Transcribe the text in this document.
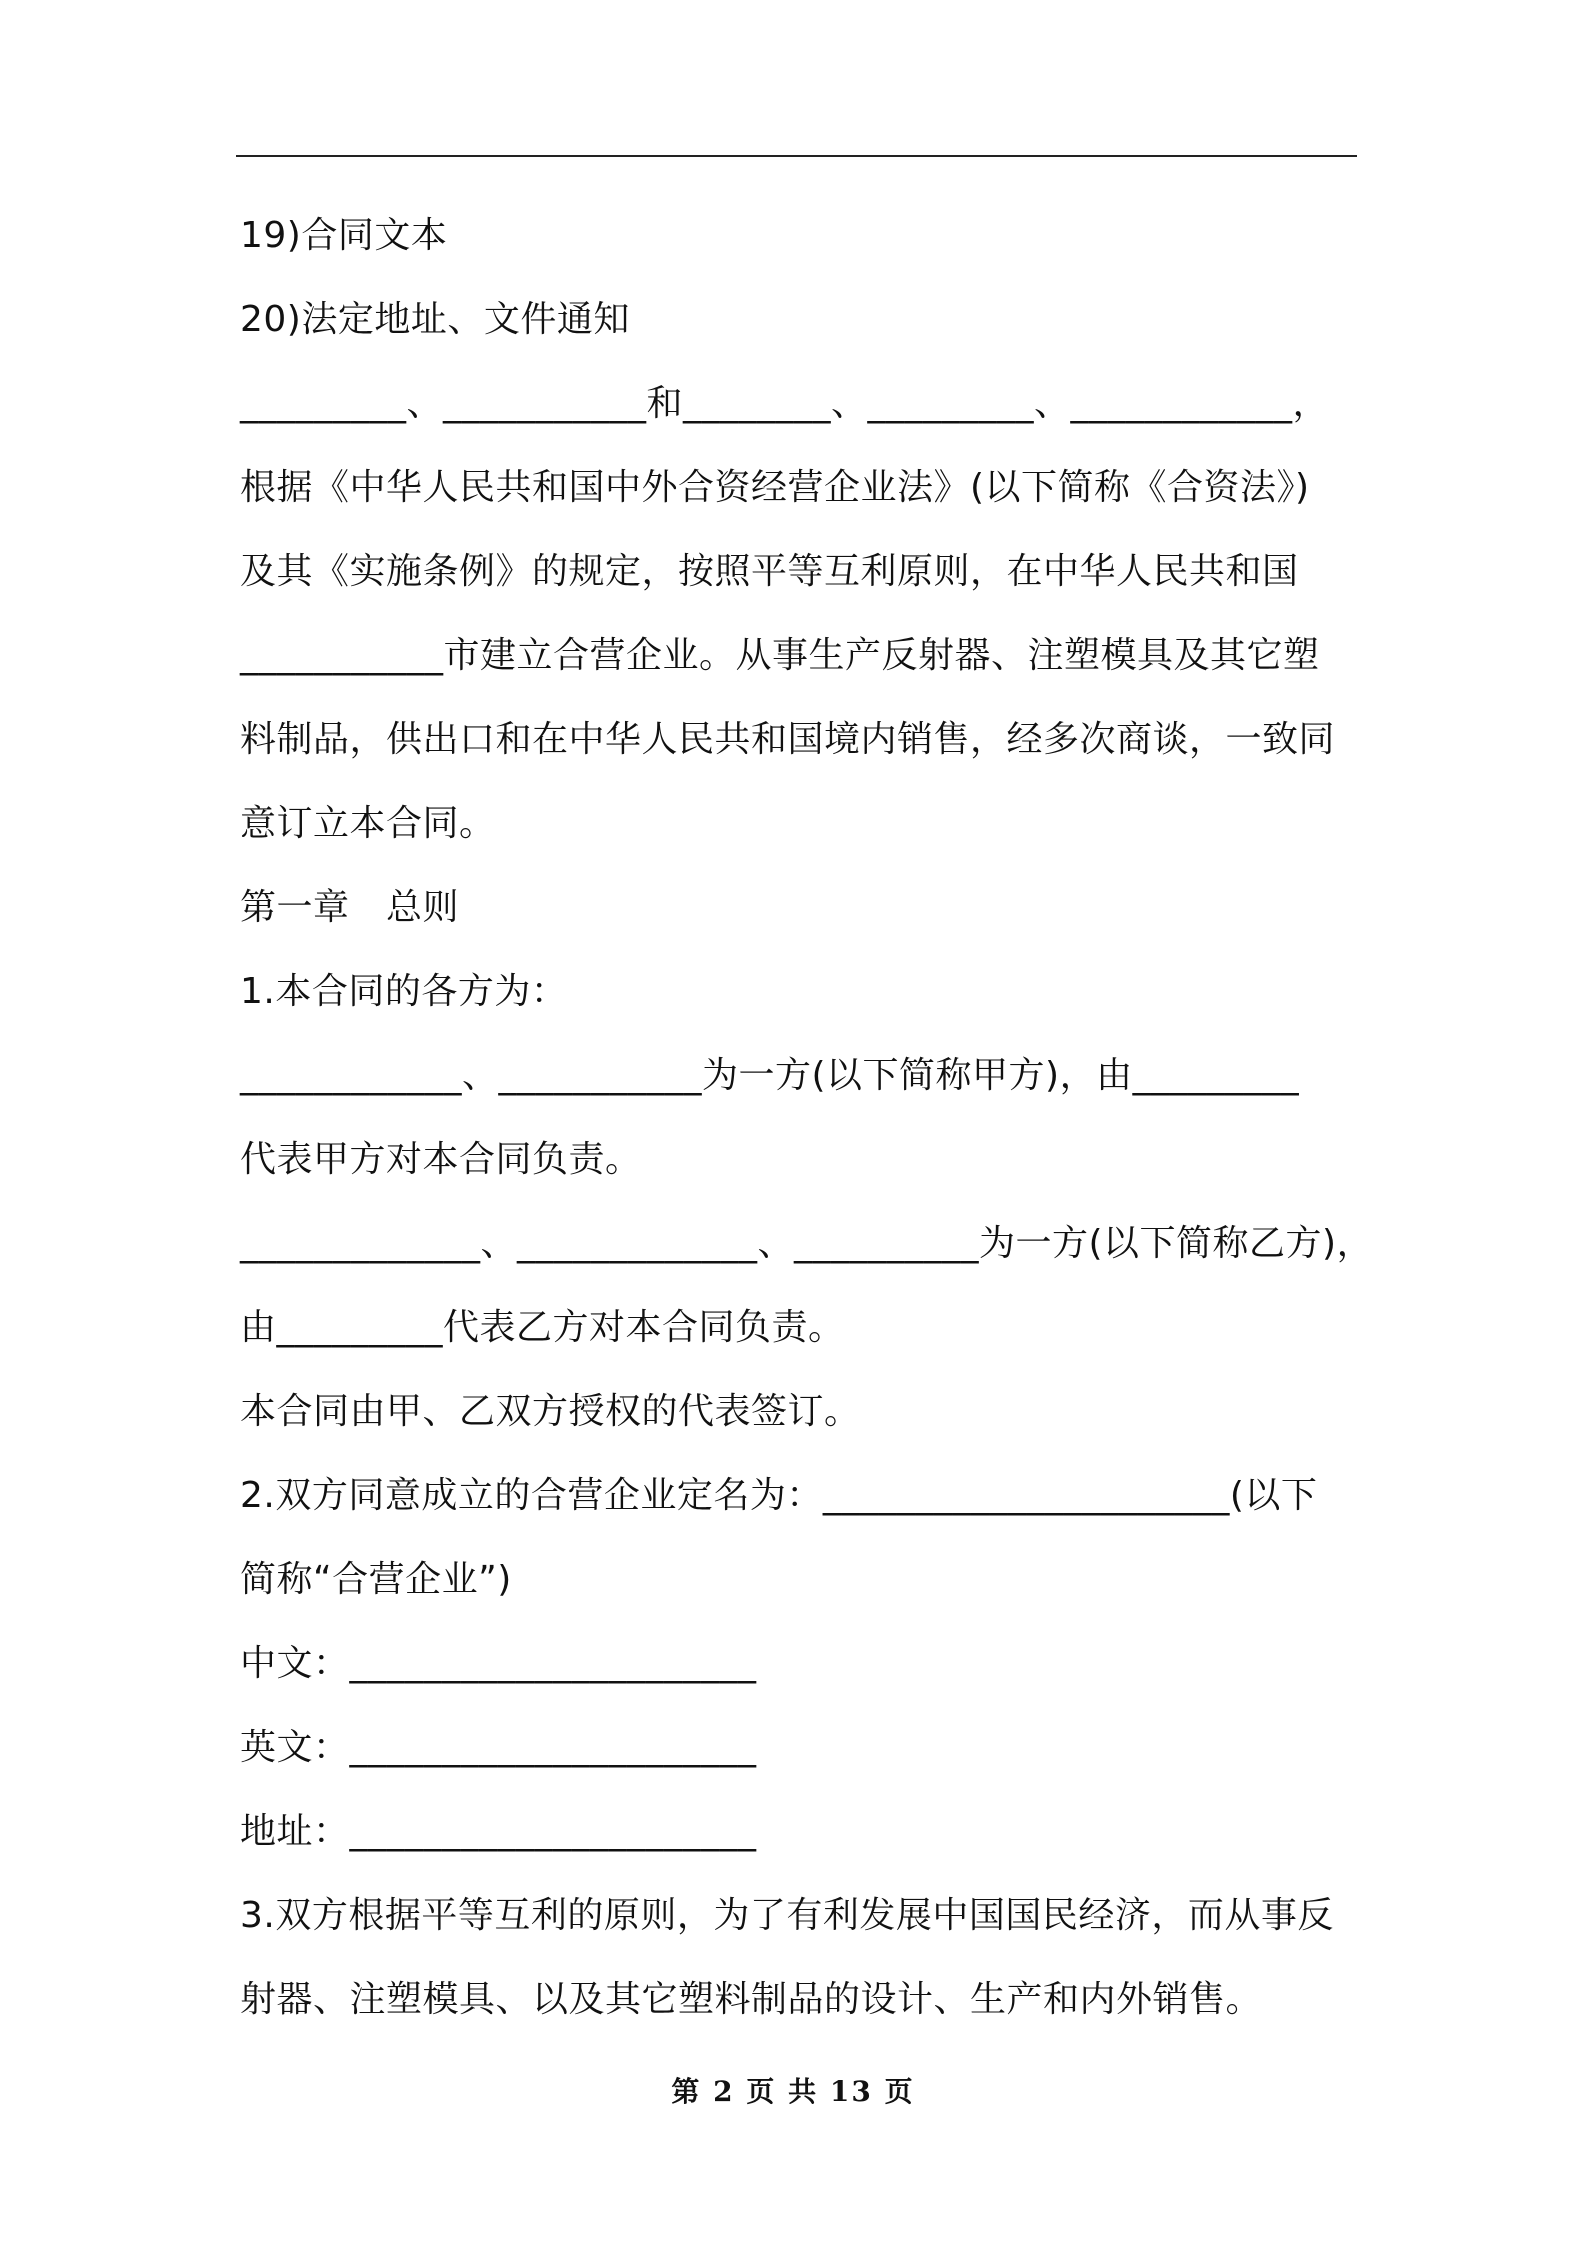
19)合同文本
20)法定地址、文件通知
_________、___________和________、_________、____________，
根据《中华人民共和国中外合资经营企业法》(以下简称《合资法》)
及其《实施条例》的规定，按照平等互利原则，在中华人民共和国
___________市建立合营企业。从事生产反射器、注塑模具及其它塑
料制品，供出口和在中华人民共和国境内销售，经多次商谈，一致同
意订立本合同。
第一章　总则
1.本合同的各方为：
____________、___________为一方(以下简称甲方)，由_________
代表甲方对本合同负责。
_____________、_____________、__________为一方(以下简称乙方)，
由_________代表乙方对本合同负责。
本合同由甲、乙双方授权的代表签订。
2.双方同意成立的合营企业定名为：______________________(以下
简称“合营企业”)
中文：______________________
英文：______________________
地址：______________________
3.双方根据平等互利的原则，为了有利发展中国国民经济，而从事反
射器、注塑模具、以及其它塑料制品的设计、生产和内外销售。
第 2 页 共 13 页
